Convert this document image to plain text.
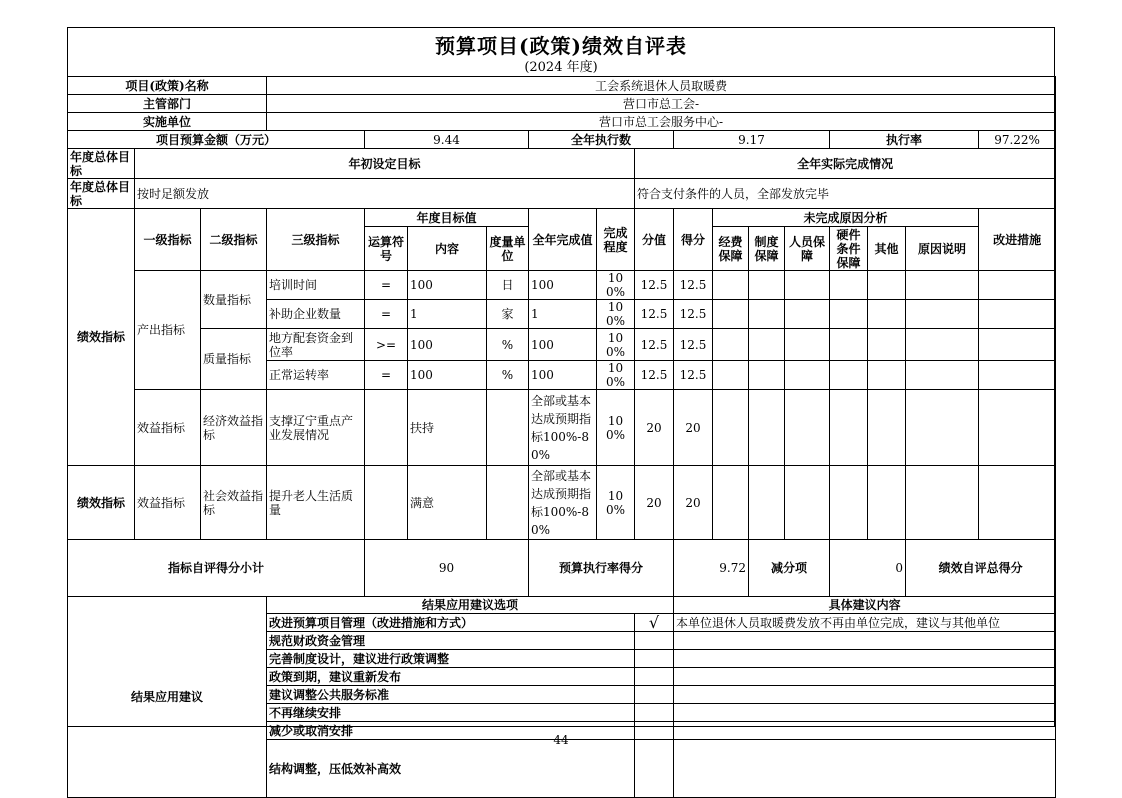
预算项目(政策)绩效自评表
(2024 年度)
项目(政策)名称			工会系统退休人员取暖费															
主管部门			营口市总工会-															
实施单位			营口市总工会服务中心-															
项目预算金额（万元）				9.44			全年执行数			9.17				执行率			97.22%	

年度总体目标	年初设定目标								全年实际完成情况									

年度总体目标	按时足额发放								符合支付条件的人员，全部发放完毕									
绩效指标	一级指标	二级指标	三级指标	年度目标值			全年完成值	完成程度	分值	得分	未完成原因分析						改进措施	
				运算符号	内容	度量单位					经费保障	制度保障	人员保障	硬件条件保障	其他	原因说明		

	产出指标	数量指标	培训时间	=	100	日	100	100%	12.5	12.5								
			补助企业数量	=	1	家	1	100%	12.5	12.5								
		质量指标	地方配套资金到位率	>=	100	%	100	100%	12.5	12.5								
			正常运转率	=	100	%	100	100%	12.5	12.5								
	效益指标	经济效益指标	支撑辽宁重点产业发展情况		扶持		全部或基本达成预期指标100%-80%	100%	20	20								
绩效指标	效益指标	社会效益指标	提升老人生活质量		满意		全部或基本达成预期指标100%-80%	100%	20	20								
指标自评得分小计				90			预算执行率得分			9.72		减分项		0		绩效自评总得分	
结果应用建议			结果应用建议选项							具体建议内容								
			改进预算项目管理（改进措施和方式）						√	本单位退休人员取暖费发放不再由单位完成，建议与其他单位								
			规范财政资金管理															
			完善制度设计，建议进行政策调整															
			政策到期，建议重新发布															
			建议调整公共服务标准															
			不再继续安排															
			减少或取消安排															
			结构调整，压低效补高效															
44
